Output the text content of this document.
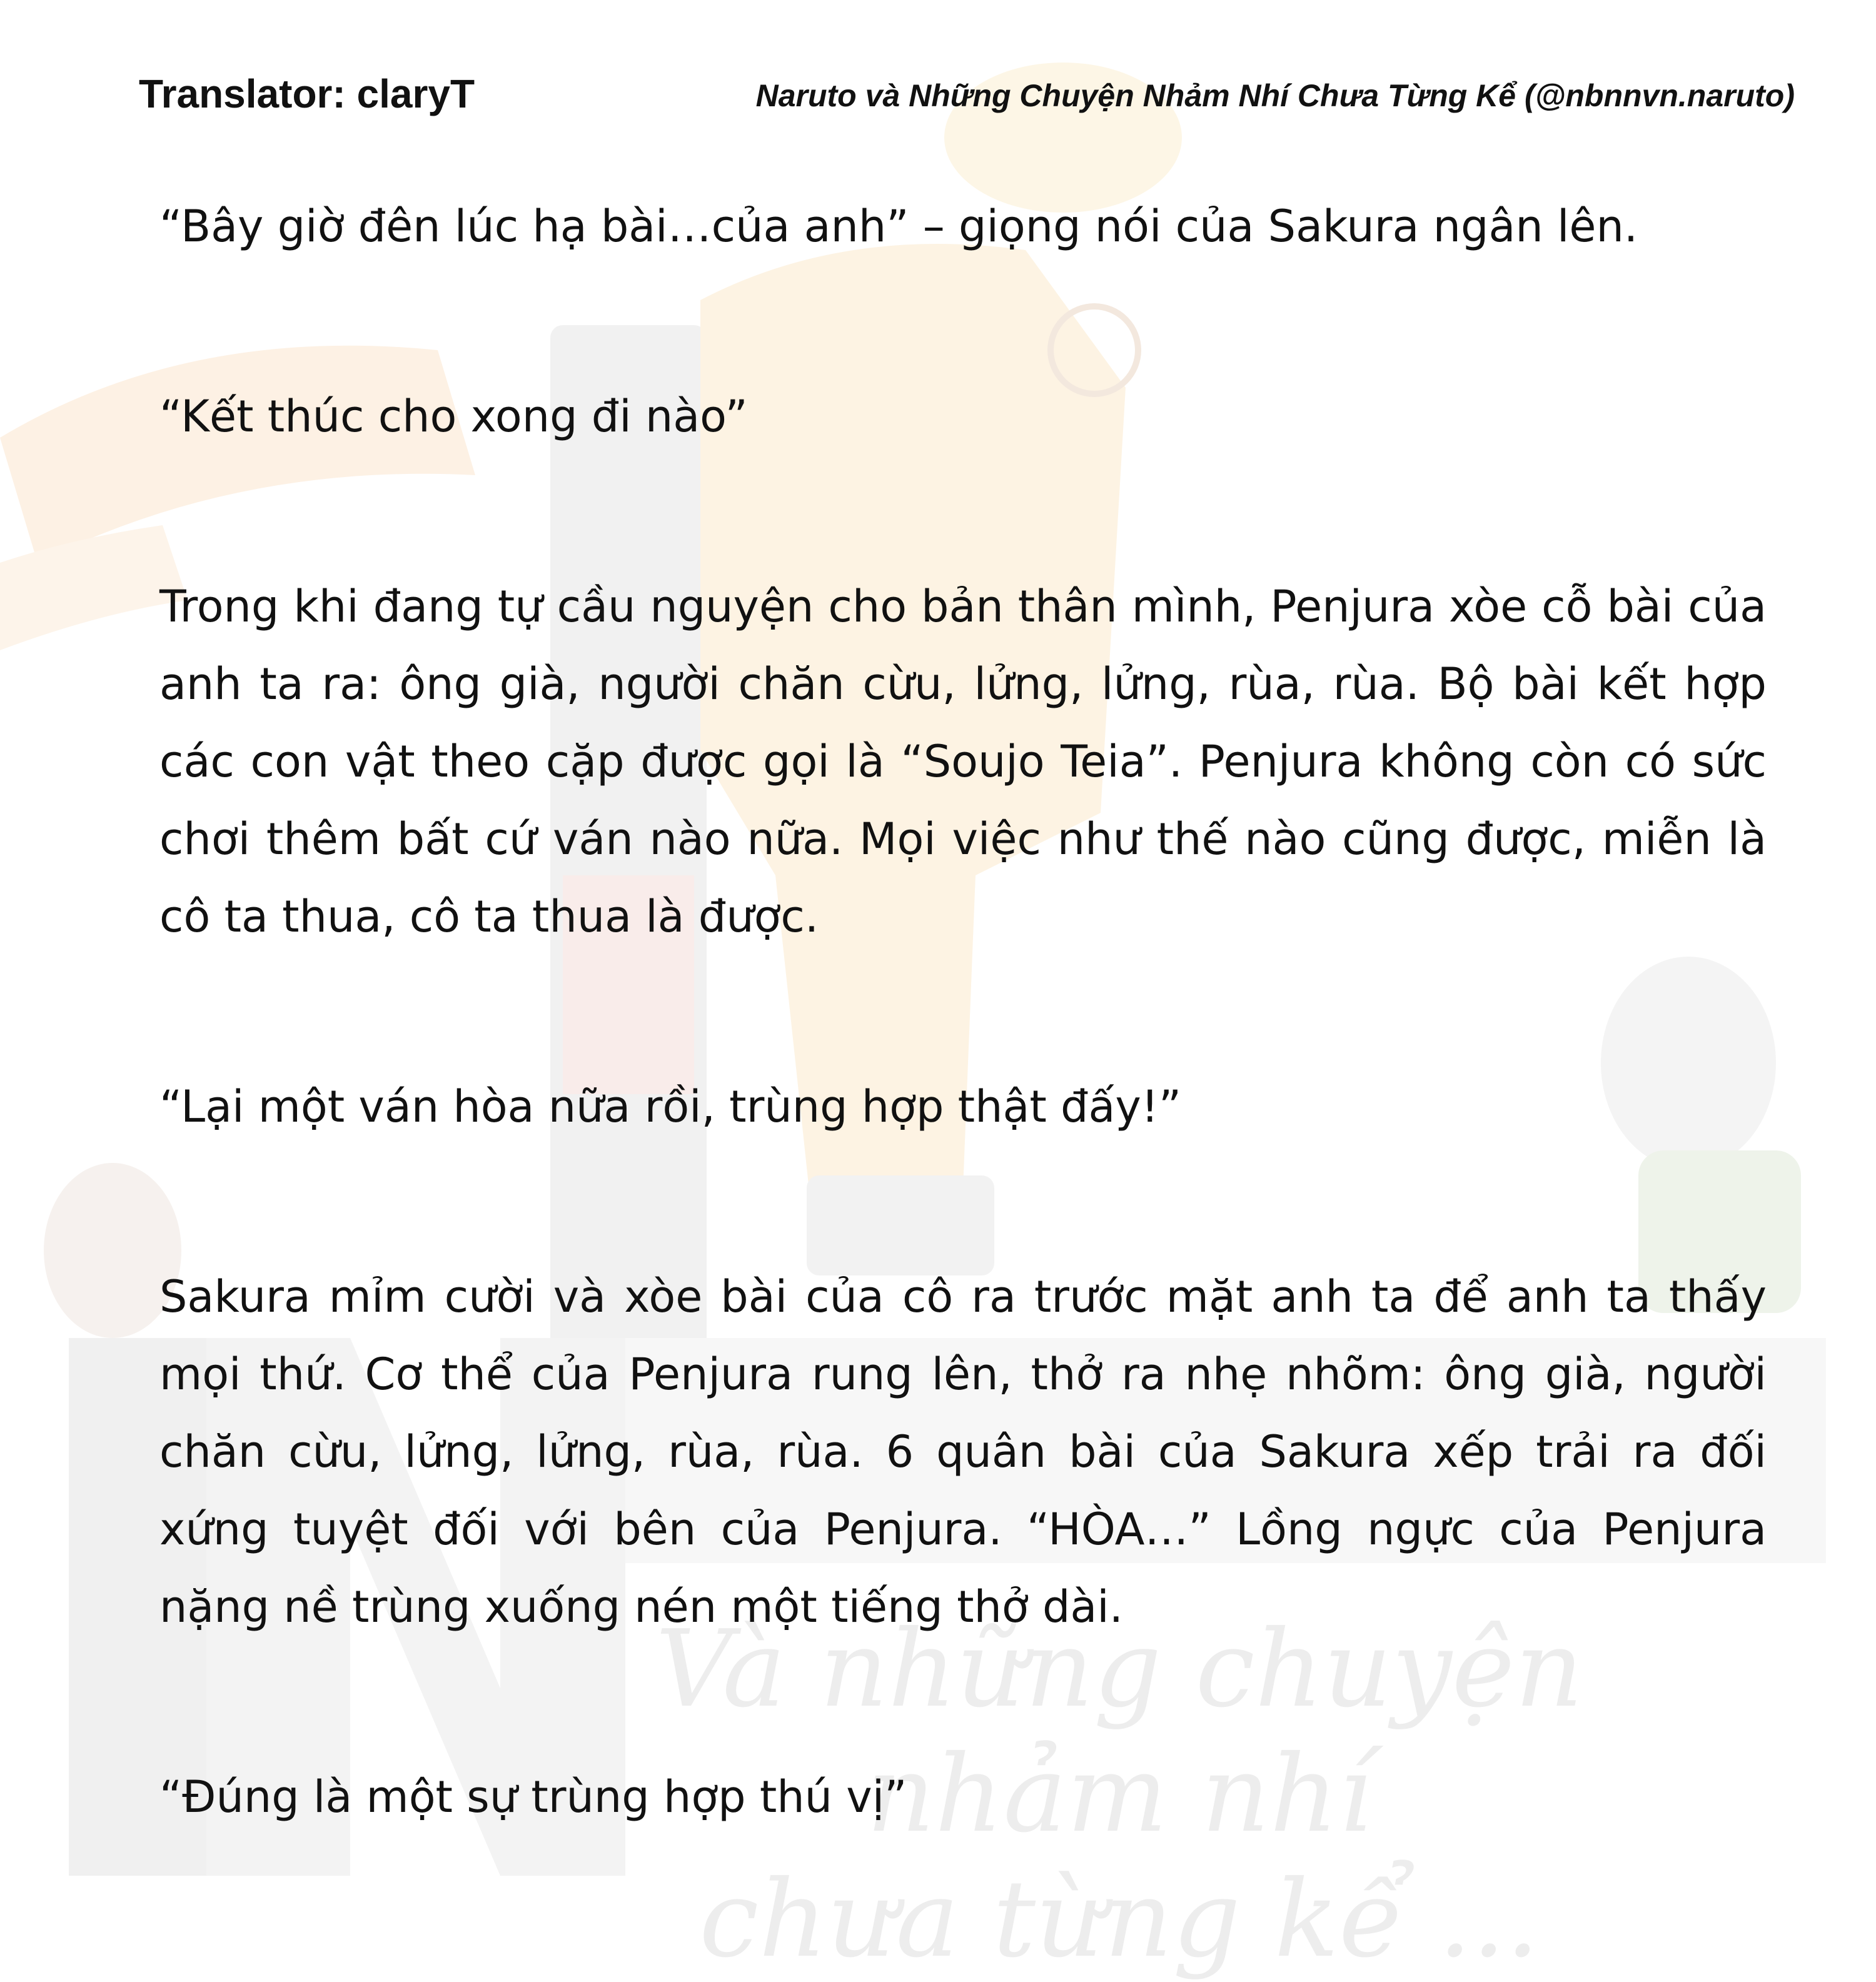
Và những chuyện nhảm nhí
chưa từng kể ...
Translator: claryT	Naruto và Những Chuyện Nhảm Nhí Chưa Từng Kể (@nbnnvn.naruto)

“Bây giờ đên lúc hạ bài…của anh” – giọng nói của Sakura ngân lên.

“Kết thúc cho xong đi nào”

Trong khi đang tự cầu nguyện cho bản thân mình, Penjura xòe cỗ bài của anh ta ra: ông già, người chăn cừu, lửng, lửng, rùa, rùa. Bộ bài kết hợp các con vật theo cặp được gọi là “Soujo Teia”. Penjura không còn có sức chơi thêm bất cứ ván nào nữa. Mọi việc như thế nào cũng được, miễn là cô ta thua, cô ta thua là được.

“Lại một ván hòa nữa rồi, trùng hợp thật đấy!”

Sakura mỉm cười và xòe bài của cô ra trước mặt anh ta để anh ta thấy mọi thứ. Cơ thể của Penjura rung lên, thở ra nhẹ nhõm: ông già, người chăn cừu, lửng, lửng, rùa, rùa. 6 quân bài của Sakura xếp trải ra đối xứng tuyệt đối với bên của Penjura. “HÒA…” Lồng ngực của Penjura nặng nề trùng xuống nén một tiếng thở dài.

“Đúng là một sự trùng hợp thú vị”
